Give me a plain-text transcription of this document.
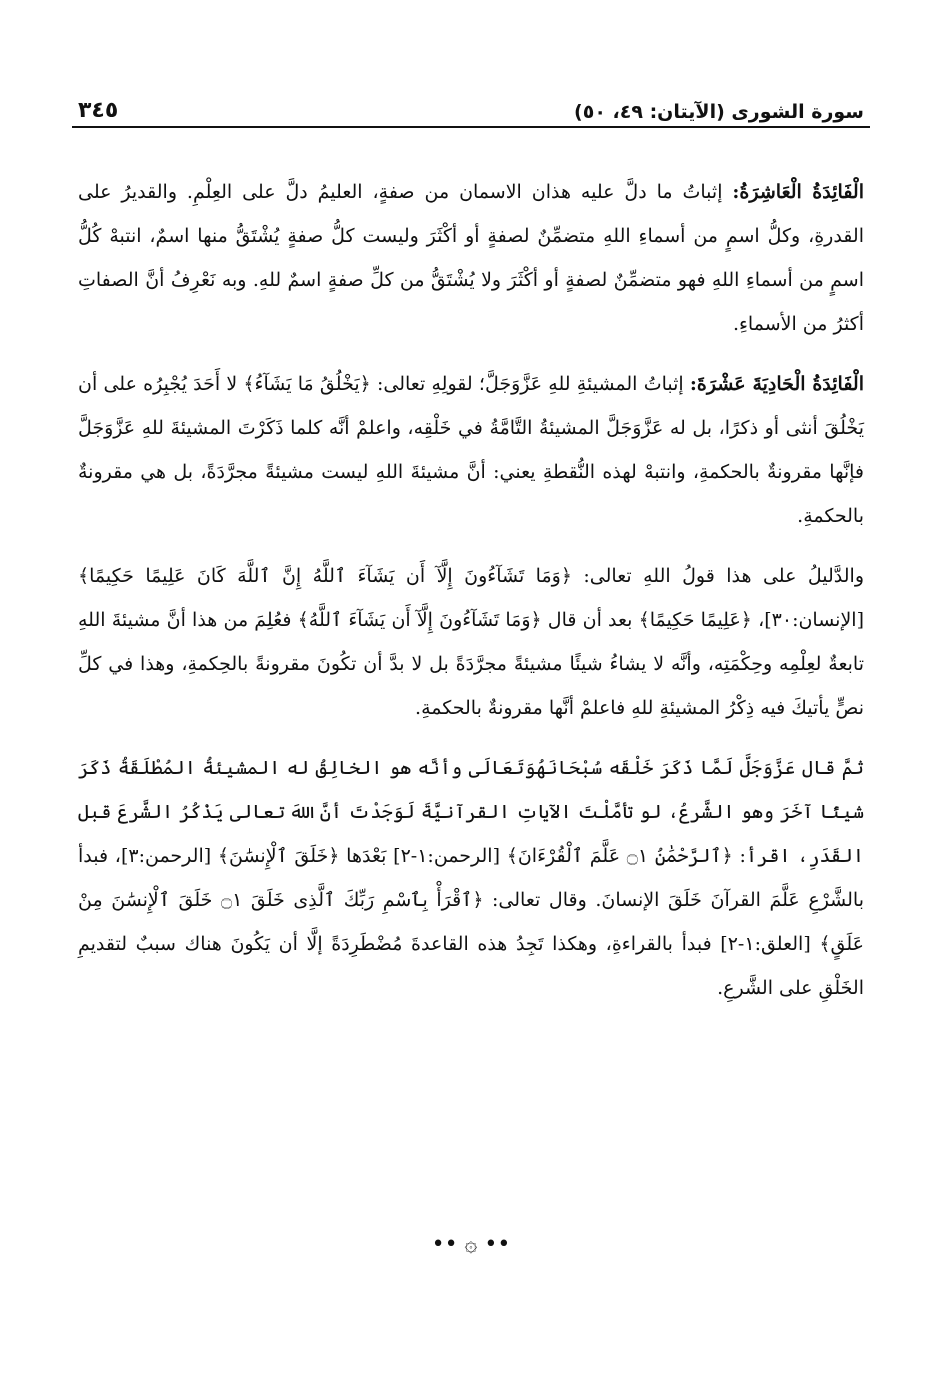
سورة الشورى (الآيتان: ٤٩، ٥٠)
٣٤٥

الْفَائِدَةُ الْعَاشِرَةُ: إثباتُ ما دلَّ عليه هذان الاسمان من صفةٍ، العليمُ دلَّ على العِلْمِ. والقديرُ على القدرةِ، وكلُّ اسمٍ من أسماءِ اللهِ متضمِّنٌ لصفةٍ أو أكْثَرَ وليست كلُّ صفةٍ يُشْتَقُّ منها اسمٌ، انتبهْ كُلُّ اسمٍ من أسماءِ اللهِ فهو متضمِّنٌ لصفةٍ أو أكْثَرَ ولا يُشْتَقُّ من كلِّ صفةٍ اسمٌ للهِ. وبه نَعْرِفُ أنَّ الصفاتِ أكثرُ من الأسماءِ.

الْفَائِدَةُ الْحَادِيَةَ عَشْرَةَ: إثباتُ المشيئةِ للهِ عَزَّوَجَلَّ؛ لقولِهِ تعالى: ﴿يَخْلُقُ مَا يَشَآءُ﴾ لا أَحَدَ يُجْبِرُه على أن يَخْلُقَ أنثى أو ذكرًا، بل له عَزَّوَجَلَّ المشيئةُ التَّامَّةُ في خَلْقِه، واعلمْ أنَّه كلما ذَكَرْتَ المشيئةَ للهِ عَزَّوَجَلَّ فإنَّها مقرونةٌ بالحكمةِ، وانتبهْ لهذه النُّقطةِ يعني: أنَّ مشيئةَ اللهِ ليست مشيئةً مجرَّدَةً، بل هي مقرونةٌ بالحكمةِ.

والدَّليلُ على هذا قولُ اللهِ تعالى: ﴿وَمَا تَشَآءُونَ إِلَّآ أَن يَشَآءَ ٱللَّهُ إِنَّ ٱللَّهَ كَانَ عَلِيمًا حَكِيمًا﴾ [الإنسان:٣٠]، ﴿عَلِيمًا حَكِيمًا﴾ بعد أن قال ﴿وَمَا تَشَآءُونَ إِلَّآ أَن يَشَآءَ ٱللَّهُ﴾ فعُلِمَ من هذا أنَّ مشيئةَ اللهِ تابعةٌ لعِلْمِه وحِكْمَتِه، وأنَّه لا يشاءُ شيئًا مشيئةً مجرَّدَةً بل لا بدَّ أن تكُونَ مقرونةً بالحِكمةِ، وهذا في كلِّ نصٍّ يأتيكَ فيه ذِكْرُ المشيئةِ للهِ فاعلمْ أنَّها مقرونةٌ بالحكمةِ.

ثمَّ قال عَزَّوَجَلَّ لَمَّا ذَكَرَ خَلْقَه سُبْحَانَهُوَتَعَالَى وأنَّه هو الخالِقُ له المشيئةُ المُطْلَقَةُ ذَكَرَ شيئًا آخَرَ وهو الشَّرعُ، لو تأمَّلْتَ الآياتِ القرآنيَّةَ لَوَجَدْتَ أنَّ اللهَ تعالى يَذْكُرُ الشَّرعَ قبل القَدَرِ، اقرأ: ﴿ٱلرَّحْمَٰنُ ۝١ عَلَّمَ ٱلْقُرْءَانَ﴾ [الرحمن:١-٢] بَعْدَها ﴿خَلَقَ ٱلْإِنسَٰنَ﴾ [الرحمن:٣]، فبدأ بالشَّرْعِ عَلَّمَ القرآنَ خَلَقَ الإنسانَ. وقال تعالى: ﴿ٱقْرَأْ بِٱسْمِ رَبِّكَ ٱلَّذِى خَلَقَ ۝١ خَلَقَ ٱلْإِنسَٰنَ مِنْ عَلَقٍ﴾ [العلق:١-٢] فبدأ بالقراءةِ، وهكذا تَجِدُ هذه القاعدةَ مُضْطَرِدَةً إلَّا أن يَكُونَ هناك سببٌ لتقديمِ الخَلْقِ على الشَّرعِ.

•• ۞ ••
